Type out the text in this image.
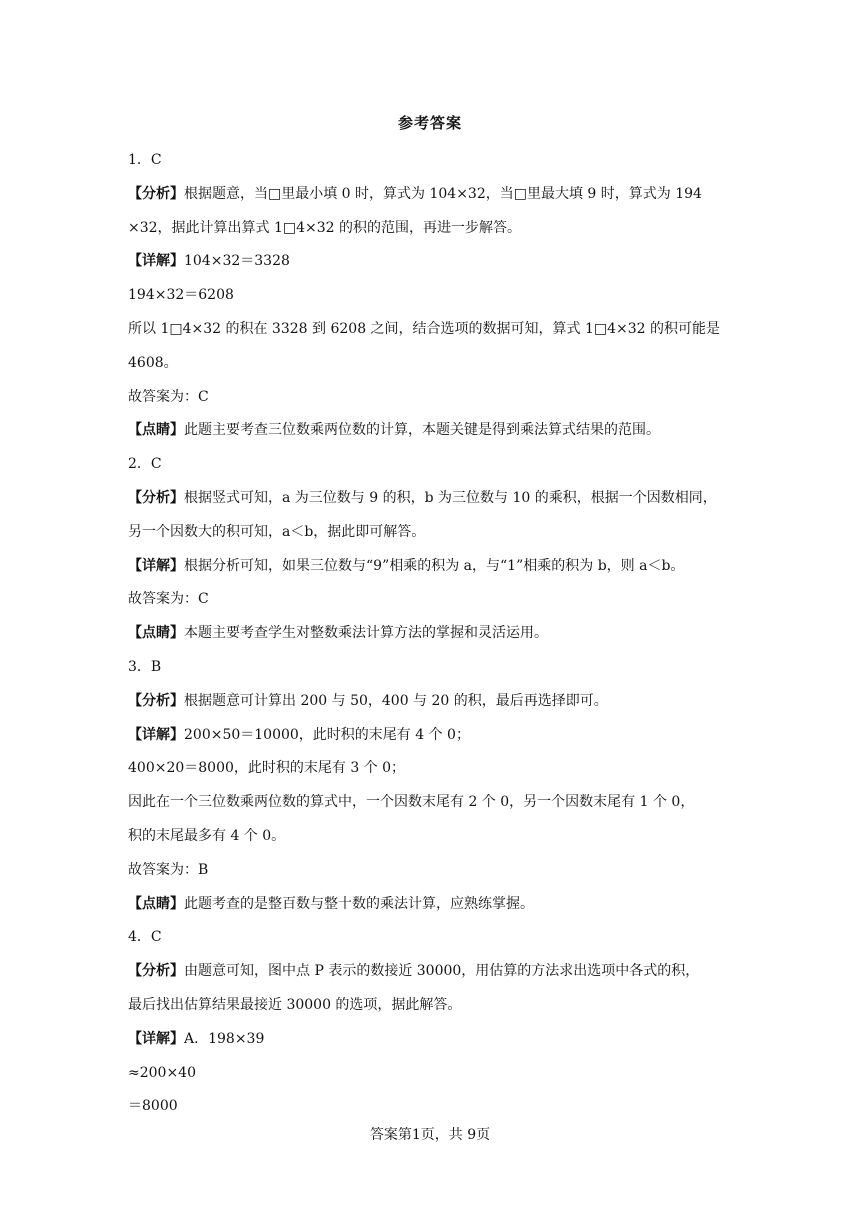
参考答案
1．C
【分析】根据题意，当□里最小填 0 时，算式为 104×32，当□里最大填 9 时，算式为 194
×32，据此计算出算式 1□4×32 的积的范围，再进一步解答。
【详解】104×32＝3328
194×32＝6208
所以 1□4×32 的积在 3328 到 6208 之间，结合选项的数据可知，算式 1□4×32 的积可能是
4608。
故答案为：C
【点睛】此题主要考查三位数乘两位数的计算，本题关键是得到乘法算式结果的范围。
2．C
【分析】根据竖式可知，a 为三位数与 9 的积，b 为三位数与 10 的乘积，根据一个因数相同，
另一个因数大的积可知，a＜b，据此即可解答。
【详解】根据分析可知，如果三位数与“9”相乘的积为 a，与“1”相乘的积为 b，则 a＜b。
故答案为：C
【点睛】本题主要考查学生对整数乘法计算方法的掌握和灵活运用。
3．B
【分析】根据题意可计算出 200 与 50，400 与 20 的积，最后再选择即可。
【详解】200×50＝10000，此时积的末尾有 4 个 0；
400×20＝8000，此时积的末尾有 3 个 0；
因此在一个三位数乘两位数的算式中，一个因数末尾有 2 个 0，另一个因数末尾有 1 个 0，
积的末尾最多有 4 个 0。
故答案为：B
【点睛】此题考查的是整百数与整十数的乘法计算，应熟练掌握。
4．C
【分析】由题意可知，图中点 P 表示的数接近 30000，用估算的方法求出选项中各式的积，
最后找出估算结果最接近 30000 的选项，据此解答。
【详解】A．198×39
≈200×40
＝8000
答案第1页，共 9页
